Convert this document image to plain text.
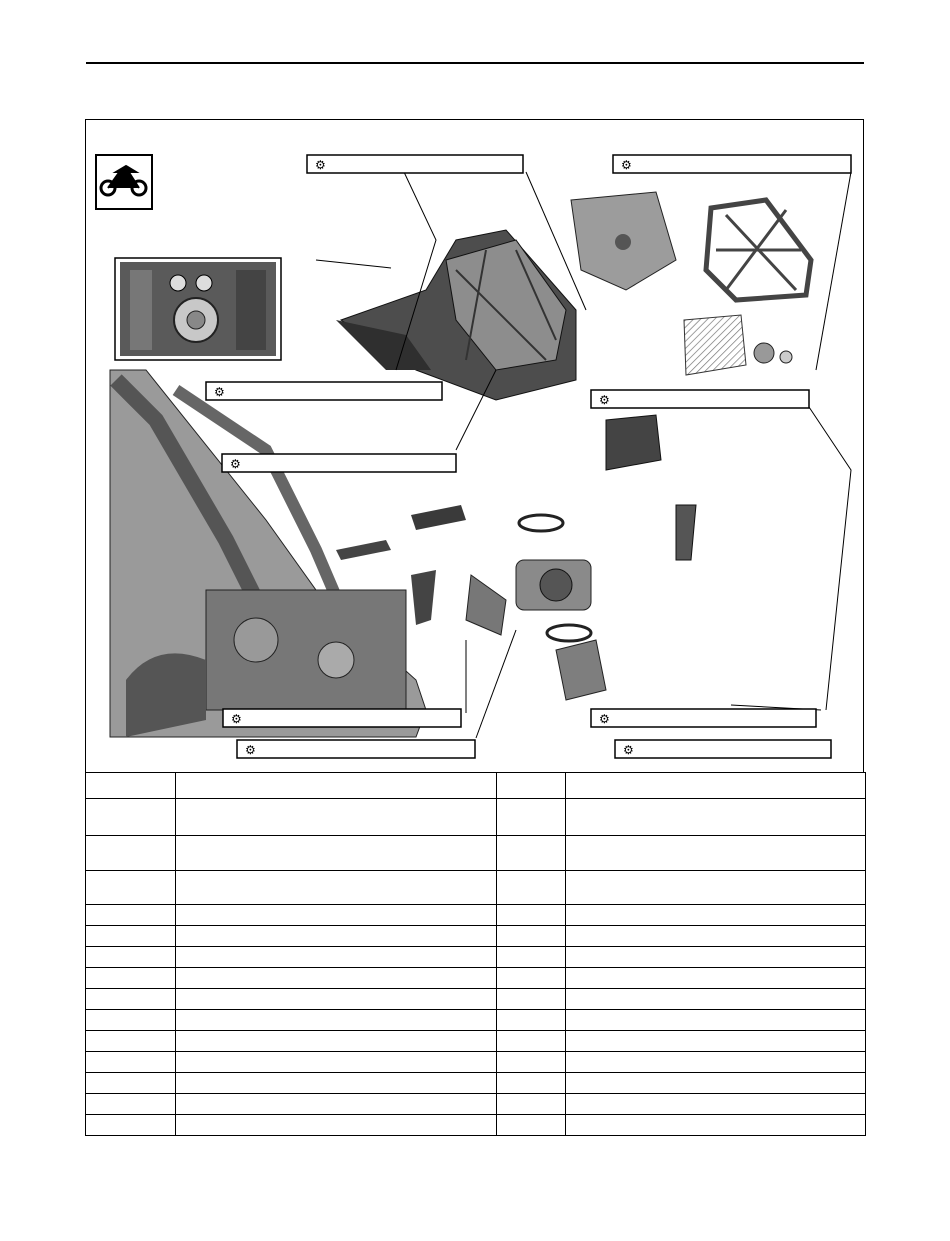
⚙	⚙
⚙
⚙
⚙
⚙
⚙
⚙
⚙
